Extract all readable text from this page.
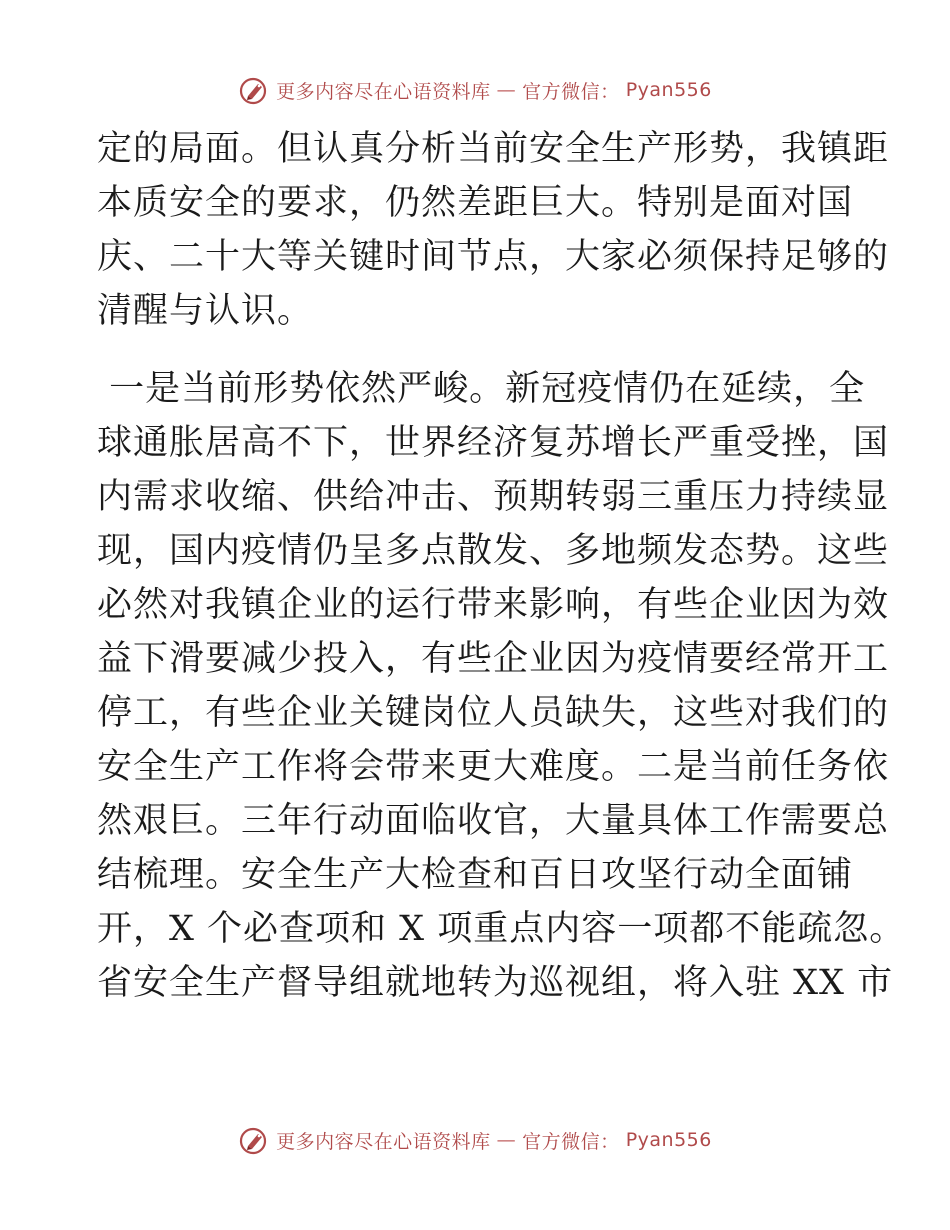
更多内容尽在心语资料库 — 官方微信： Pyan556
定的局面。但认真分析当前安全生产形势，我镇距
本质安全的要求，仍然差距巨大。特别是面对国
庆、二十大等关键时间节点，大家必须保持足够的
清醒与认识。
一是当前形势依然严峻。新冠疫情仍在延续，全
球通胀居高不下，世界经济复苏增长严重受挫，国
内需求收缩、供给冲击、预期转弱三重压力持续显
现，国内疫情仍呈多点散发、多地频发态势。这些
必然对我镇企业的运行带来影响，有些企业因为效
益下滑要减少投入，有些企业因为疫情要经常开工
停工，有些企业关键岗位人员缺失，这些对我们的
安全生产工作将会带来更大难度。二是当前任务依
然艰巨。三年行动面临收官，大量具体工作需要总
结梳理。安全生产大检查和百日攻坚行动全面铺
开，X 个必查项和 X 项重点内容一项都不能疏忽。
省安全生产督导组就地转为巡视组，将入驻 XX 市
更多内容尽在心语资料库 — 官方微信： Pyan556
